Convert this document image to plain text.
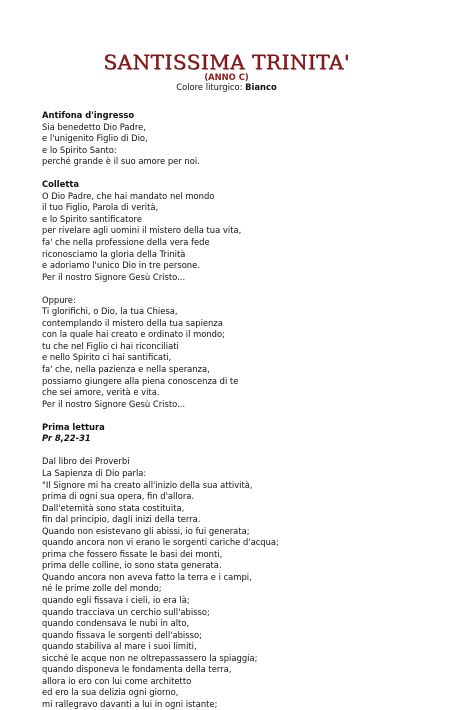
SANTISSIMA TRINITA'
(ANNO C)
Colore liturgico: Bianco
Antifona d'ingresso
Sia benedetto Dio Padre,
e l'unigenito Figlio di Dio,
e lo Spirito Santo:
perché grande è il suo amore per noi.
Colletta
O Dio Padre, che hai mandato nel mondo
il tuo Figlio, Parola di verità,
e lo Spirito santificatore
per rivelare agli uomini il mistero della tua vita,
fa' che nella professione della vera fede
riconosciamo la gloria della Trinità
e adoriamo l'unico Dio in tre persone.
Per il nostro Signore Gesù Cristo...
Oppure:
Ti glorifichi, o Dio, la tua Chiesa,
contemplando il mistero della tua sapienza
con la quale hai creato e ordinato il mondo;
tu che nel Figlio ci hai riconciliati
e nello Spirito ci hai santificati,
fa' che, nella pazienza e nella speranza,
possiamo giungere alla piena conoscenza di te
che sei amore, verità e vita.
Per il nostro Signore Gesù Cristo...
Prima lettura
Pr 8,22-31
Dal libro dei Proverbi
La Sapienza di Dio parla:
"Il Signore mi ha creato all'inizio della sua attività,
prima di ogni sua opera, fin d'allora.
Dall'eternità sono stata costituita,
fin dal principio, dagli inizi della terra.
Quando non esistevano gli abissi, io fui generata;
quando ancora non vi erano le sorgenti cariche d'acqua;
prima che fossero fissate le basi dei monti,
prima delle colline, io sono stata generata.
Quando ancora non aveva fatto la terra e i campi,
né le prime zolle del mondo;
quando egli fissava i cieli, io era là;
quando tracciava un cerchio sull'abisso;
quando condensava le nubi in alto,
quando fissava le sorgenti dell'abisso;
quando stabiliva al mare i suoi limiti,
sicché le acque non ne oltrepassassero la spiaggia;
quando disponeva le fondamenta della terra,
allora io ero con lui come architetto
ed ero la sua delizia ogni giorno,
mi rallegravo davanti a lui in ogni istante;
